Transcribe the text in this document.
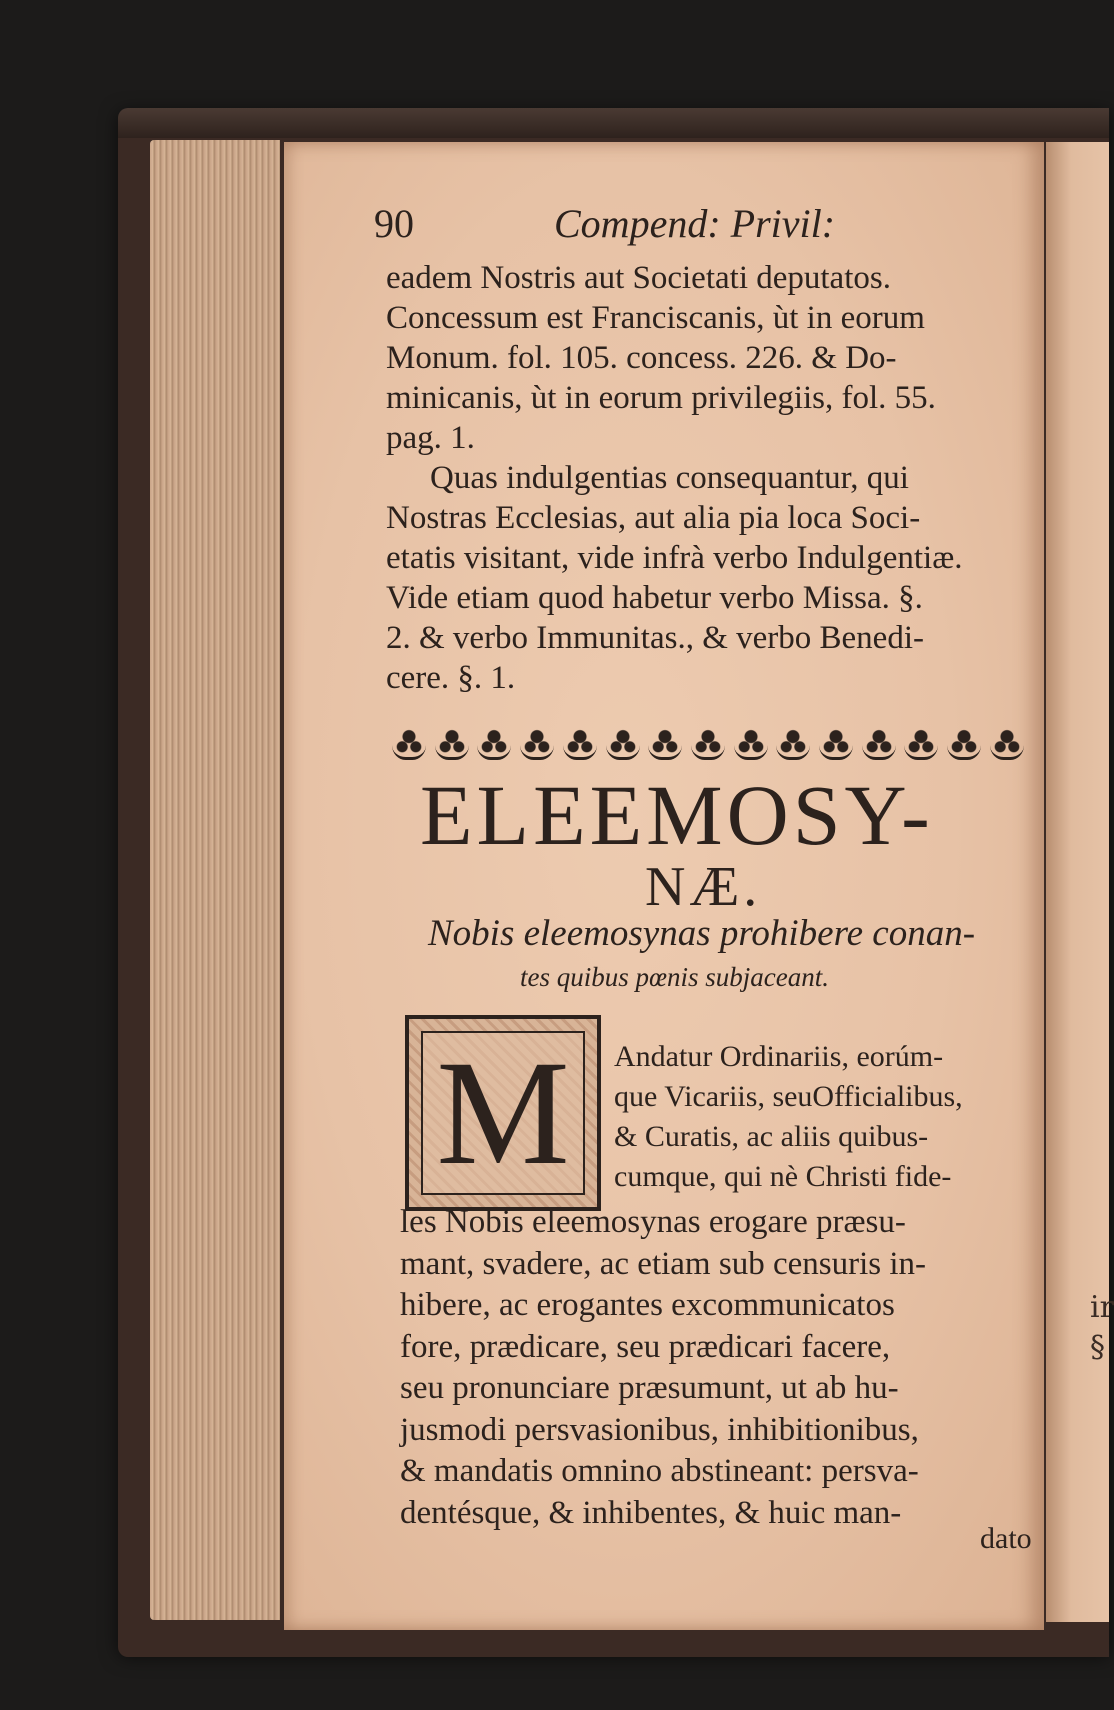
ir
§
90	Compend: Privil:
eadem Nostris aut Societati deputatos.
Concessum est Franciscanis, ùt in eorum
Monum. fol. 105. concess. 226. & Do-
minicanis, ùt in eorum privilegiis, fol. 55.
pag. 1.
Quas indulgentias consequantur, qui
Nostras Ecclesias, aut alia pia loca Soci-
etatis visitant, vide infrà verbo Indulgentiæ.
Vide etiam quod habetur verbo Missa. §.
2. & verbo Immunitas., & verbo Benedi-
cere. §. 1.
ELEEMOSY-
NÆ.
Nobis eleemosynas prohibere conan-
tes quibus pœnis subjaceant.
M	Andatur Ordinariis, eorúm-
que Vicariis, seuOfficialibus,
& Curatis, ac aliis quibus-
cumque, qui nè Christi fide-
les Nobis eleemosynas erogare præsu-
mant, svadere, ac etiam sub censuris in-
hibere, ac erogantes excommunicatos
fore, prædicare, seu prædicari facere,
seu pronunciare præsumunt, ut ab hu-
jusmodi persvasionibus, inhibitionibus,
& mandatis omnino abstineant: persva-
dentésque, & inhibentes, & huic man-
dato
